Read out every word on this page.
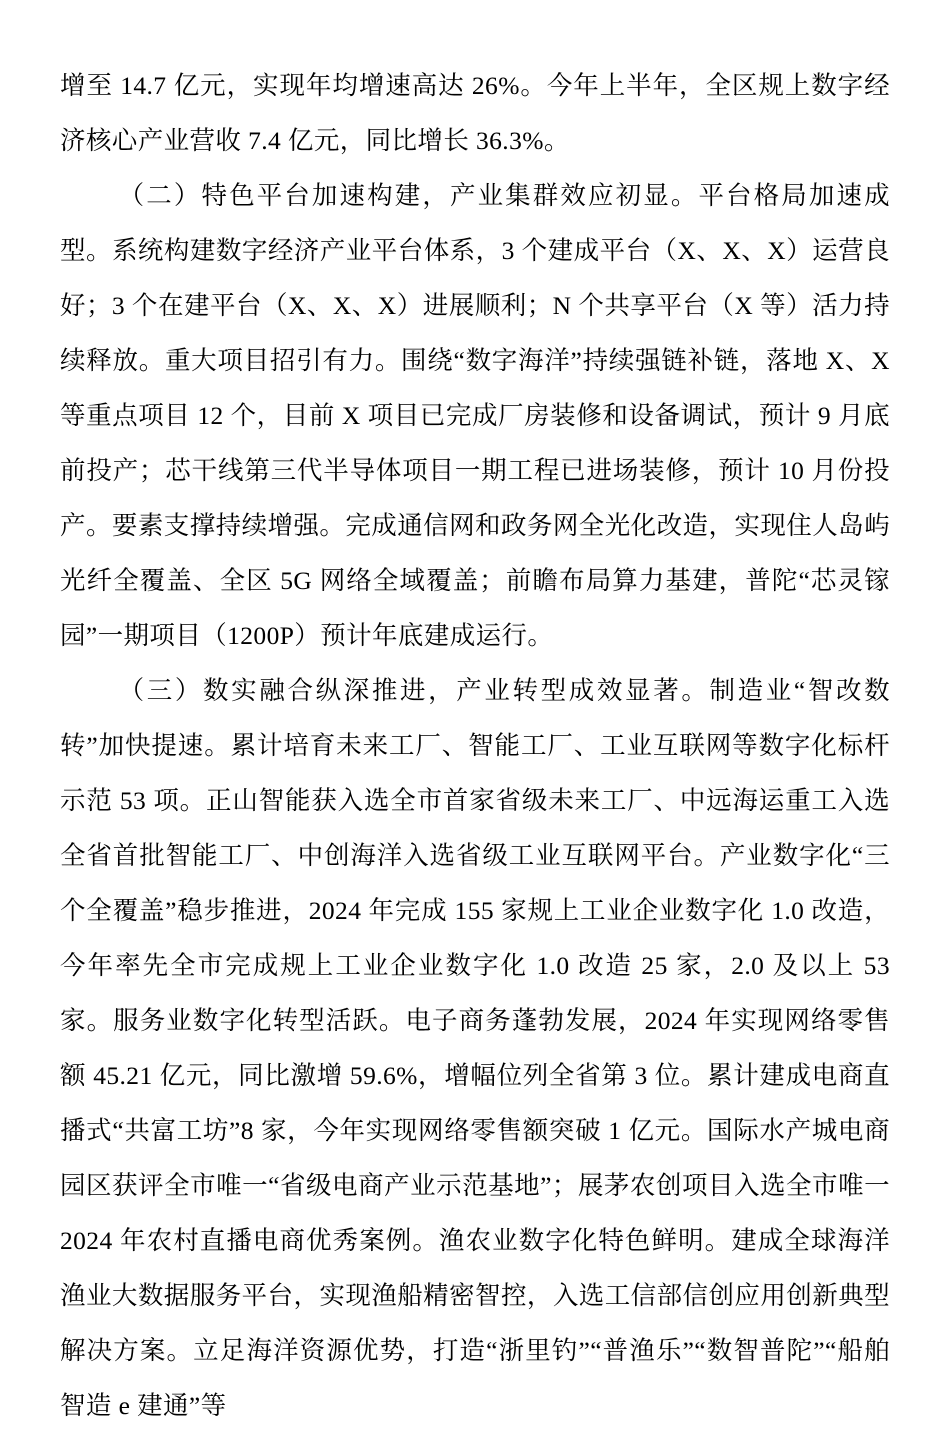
增至 14.7 亿元，实现年均增速高达 26%。今年上半年，全区规上数字经济核心产业营收 7.4 亿元，同比增长 36.3%。

（二）特色平台加速构建，产业集群效应初显。平台格局加速成型。系统构建数字经济产业平台体系，3 个建成平台（X、X、X）运营良好；3 个在建平台（X、X、X）进展顺利；N 个共享平台（X 等）活力持续释放。重大项目招引有力。围绕“数字海洋”持续强链补链，落地 X、X 等重点项目 12 个，目前 X 项目已完成厂房装修和设备调试，预计 9 月底前投产；芯干线第三代半导体项目一期工程已进场装修，预计 10 月份投产。要素支撑持续增强。完成通信网和政务网全光化改造，实现住人岛屿光纤全覆盖、全区 5G 网络全域覆盖；前瞻布局算力基建，普陀“芯灵镓园”一期项目（1200P）预计年底建成运行。

（三）数实融合纵深推进，产业转型成效显著。制造业“智改数转”加快提速。累计培育未来工厂、智能工厂、工业互联网等数字化标杆示范 53 项。正山智能获入选全市首家省级未来工厂、中远海运重工入选全省首批智能工厂、中创海洋入选省级工业互联网平台。产业数字化“三个全覆盖”稳步推进，2024 年完成 155 家规上工业企业数字化 1.0 改造，今年率先全市完成规上工业企业数字化 1.0 改造 25 家，2.0 及以上 53 家。服务业数字化转型活跃。电子商务蓬勃发展，2024 年实现网络零售额 45.21 亿元，同比激增 59.6%，增幅位列全省第 3 位。累计建成电商直播式“共富工坊”8 家，今年实现网络零售额突破 1 亿元。国际水产城电商园区获评全市唯一“省级电商产业示范基地”；展茅农创项目入选全市唯一 2024 年农村直播电商优秀案例。渔农业数字化特色鲜明。建成全球海洋渔业大数据服务平台，实现渔船精密智控，入选工信部信创应用创新典型解决方案。立足海洋资源优势，打造“浙里钓”“普渔乐”“数智普陀”“船舶智造 e 建通”等
